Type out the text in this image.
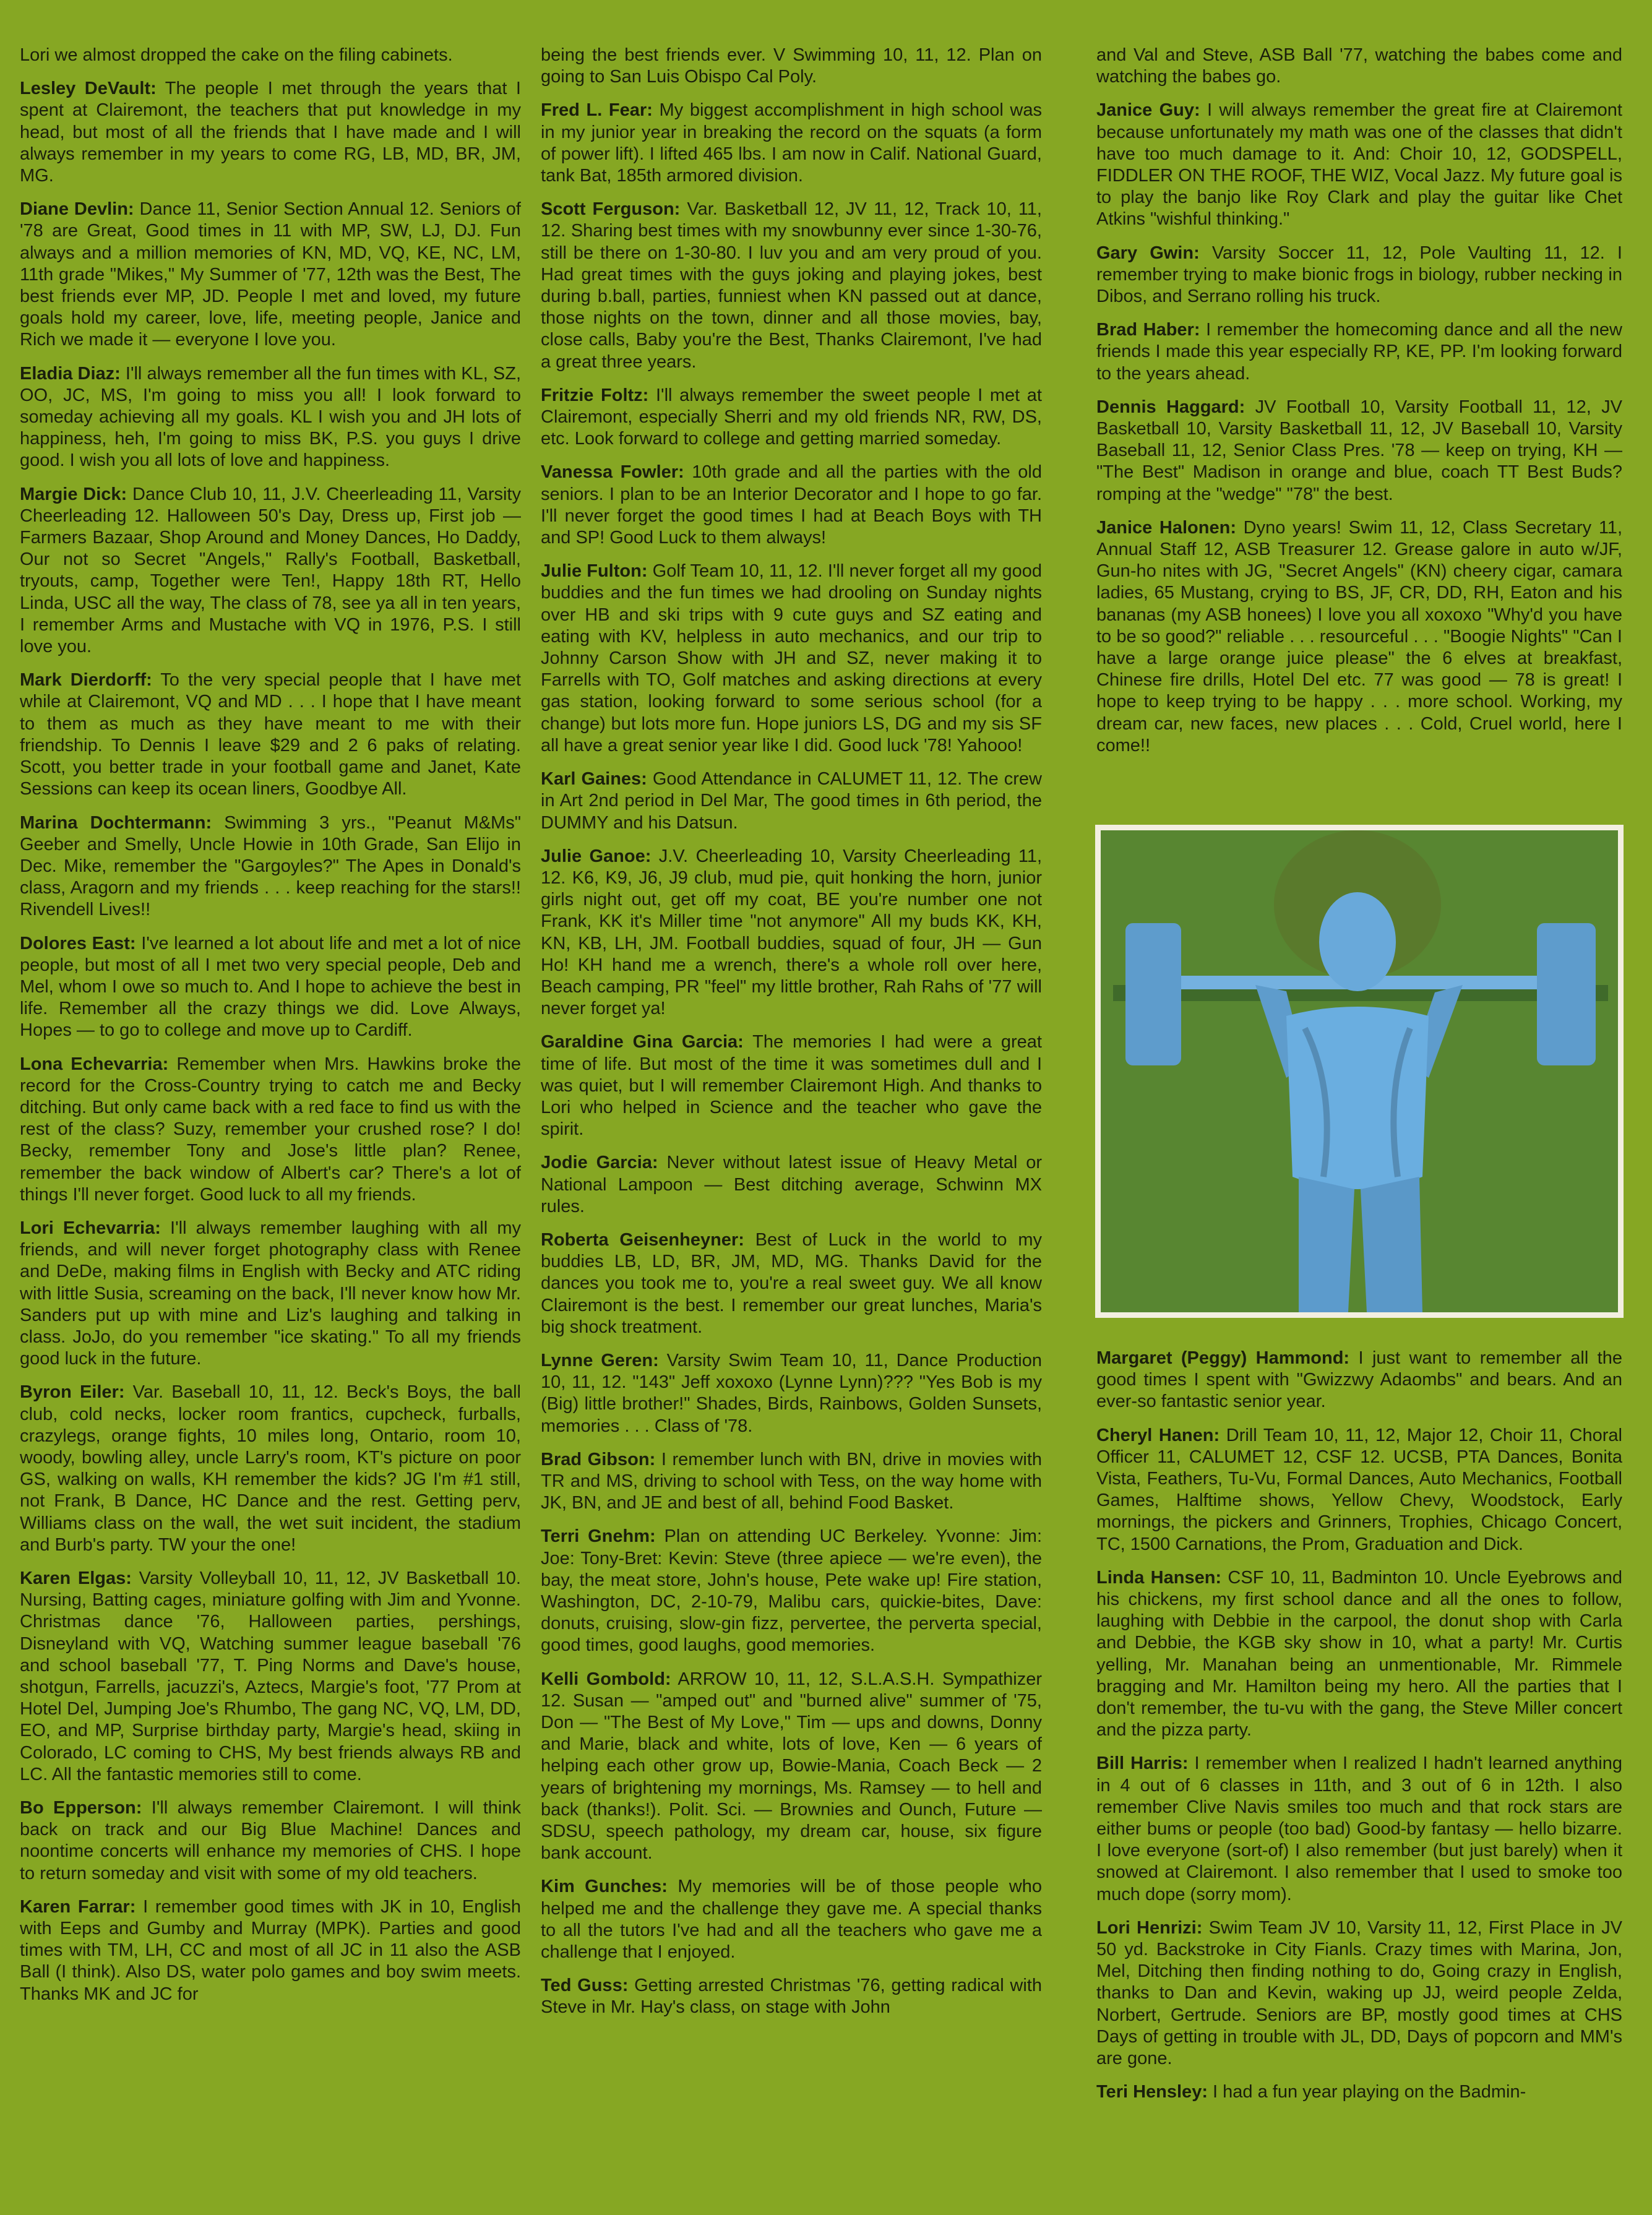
Lori we almost dropped the cake on the filing cabinets.

Lesley DeVault: The people I met through the years that I spent at Clairemont, the teachers that put knowledge in my head, but most of all the friends that I have made and I will always remember in my years to come RG, LB, MD, BR, JM, MG.

Diane Devlin: Dance 11, Senior Section Annual 12. Seniors of '78 are Great, Good times in 11 with MP, SW, LJ, DJ. Fun always and a million memories of KN, MD, VQ, KE, NC, LM, 11th grade "Mikes," My Summer of '77, 12th was the Best, The best friends ever MP, JD. People I met and loved, my future goals hold my career, love, life, meeting people, Janice and Rich we made it — everyone I love you.

Eladia Diaz: I'll always remember all the fun times with KL, SZ, OO, JC, MS, I'm going to miss you all! I look forward to someday achieving all my goals. KL I wish you and JH lots of happiness, heh, I'm going to miss BK, P.S. you guys I drive good. I wish you all lots of love and happiness.

Margie Dick: Dance Club 10, 11, J.V. Cheerleading 11, Varsity Cheerleading 12. Halloween 50's Day, Dress up, First job — Farmers Bazaar, Shop Around and Money Dances, Ho Daddy, Our not so Secret "Angels," Rally's Football, Basketball, tryouts, camp, Together were Ten!, Happy 18th RT, Hello Linda, USC all the way, The class of 78, see ya all in ten years, I remember Arms and Mustache with VQ in 1976, P.S. I still love you.

Mark Dierdorff: To the very special people that I have met while at Clairemont, VQ and MD . . . I hope that I have meant to them as much as they have meant to me with their friendship. To Dennis I leave $29 and 2 6 paks of relating. Scott, you better trade in your football game and Janet, Kate Sessions can keep its ocean liners, Goodbye All.

Marina Dochtermann: Swimming 3 yrs., "Peanut M&Ms" Geeber and Smelly, Uncle Howie in 10th Grade, San Elijo in Dec. Mike, remember the "Gargoyles?" The Apes in Donald's class, Aragorn and my friends . . . keep reaching for the stars!! Rivendell Lives!!

Dolores East: I've learned a lot about life and met a lot of nice people, but most of all I met two very special people, Deb and Mel, whom I owe so much to. And I hope to achieve the best in life. Remember all the crazy things we did. Love Always, Hopes — to go to college and move up to Cardiff.

Lona Echevarria: Remember when Mrs. Hawkins broke the record for the Cross-Country trying to catch me and Becky ditching. But only came back with a red face to find us with the rest of the class? Suzy, remember your crushed rose? I do! Becky, remember Tony and Jose's little plan? Renee, remember the back window of Albert's car? There's a lot of things I'll never forget. Good luck to all my friends.

Lori Echevarria: I'll always remember laughing with all my friends, and will never forget photography class with Renee and DeDe, making films in English with Becky and ATC riding with little Susia, screaming on the back, I'll never know how Mr. Sanders put up with mine and Liz's laughing and talking in class. JoJo, do you remember "ice skating." To all my friends good luck in the future.

Byron Eiler: Var. Baseball 10, 11, 12. Beck's Boys, the ball club, cold necks, locker room frantics, cupcheck, furballs, crazylegs, orange fights, 10 miles long, Ontario, room 10, woody, bowling alley, uncle Larry's room, KT's picture on poor GS, walking on walls, KH remember the kids? JG I'm #1 still, not Frank, B Dance, HC Dance and the rest. Getting perv, Williams class on the wall, the wet suit incident, the stadium and Burb's party. TW your the one!

Karen Elgas: Varsity Volleyball 10, 11, 12, JV Basketball 10. Nursing, Batting cages, miniature golfing with Jim and Yvonne. Christmas dance '76, Halloween parties, pershings, Disneyland with VQ, Watching summer league baseball '76 and school baseball '77, T. Ping Norms and Dave's house, shotgun, Farrells, jacuzzi's, Aztecs, Margie's foot, '77 Prom at Hotel Del, Jumping Joe's Rhumbo, The gang NC, VQ, LM, DD, EO, and MP, Surprise birthday party, Margie's head, skiing in Colorado, LC coming to CHS, My best friends always RB and LC. All the fantastic memories still to come.

Bo Epperson: I'll always remember Clairemont. I will think back on track and our Big Blue Machine! Dances and noontime concerts will enhance my memories of CHS. I hope to return someday and visit with some of my old teachers.

Karen Farrar: I remember good times with JK in 10, English with Eeps and Gumby and Murray (MPK). Parties and good times with TM, LH, CC and most of all JC in 11 also the ASB Ball (I think). Also DS, water polo games and boy swim meets. Thanks MK and JC for

being the best friends ever. V Swimming 10, 11, 12. Plan on going to San Luis Obispo Cal Poly.

Fred L. Fear: My biggest accomplishment in high school was in my junior year in breaking the record on the squats (a form of power lift). I lifted 465 lbs. I am now in Calif. National Guard, tank Bat, 185th armored division.

Scott Ferguson: Var. Basketball 12, JV 11, 12, Track 10, 11, 12. Sharing best times with my snowbunny ever since 1-30-76, still be there on 1-30-80. I luv you and am very proud of you. Had great times with the guys joking and playing jokes, best during b.ball, parties, funniest when KN passed out at dance, those nights on the town, dinner and all those movies, bay, close calls, Baby you're the Best, Thanks Clairemont, I've had a great three years.

Fritzie Foltz: I'll always remember the sweet people I met at Clairemont, especially Sherri and my old friends NR, RW, DS, etc. Look forward to college and getting married someday.

Vanessa Fowler: 10th grade and all the parties with the old seniors. I plan to be an Interior Decorator and I hope to go far. I'll never forget the good times I had at Beach Boys with TH and SP! Good Luck to them always!

Julie Fulton: Golf Team 10, 11, 12. I'll never forget all my good buddies and the fun times we had drooling on Sunday nights over HB and ski trips with 9 cute guys and SZ eating and eating with KV, helpless in auto mechanics, and our trip to Johnny Carson Show with JH and SZ, never making it to Farrells with TO, Golf matches and asking directions at every gas station, looking forward to some serious school (for a change) but lots more fun. Hope juniors LS, DG and my sis SF all have a great senior year like I did. Good luck '78! Yahooo!

Karl Gaines: Good Attendance in CALUMET 11, 12. The crew in Art 2nd period in Del Mar, The good times in 6th period, the DUMMY and his Datsun.

Julie Ganoe: J.V. Cheerleading 10, Varsity Cheerleading 11, 12. K6, K9, J6, J9 club, mud pie, quit honking the horn, junior girls night out, get off my coat, BE you're number one not Frank, KK it's Miller time "not anymore" All my buds KK, KH, KN, KB, LH, JM. Football buddies, squad of four, JH — Gun Ho! KH hand me a wrench, there's a whole roll over here, Beach camping, PR "feel" my little brother, Rah Rahs of '77 will never forget ya!

Garaldine Gina Garcia: The memories I had were a great time of life. But most of the time it was sometimes dull and I was quiet, but I will remember Clairemont High. And thanks to Lori who helped in Science and the teacher who gave the spirit.

Jodie Garcia: Never without latest issue of Heavy Metal or National Lampoon — Best ditching average, Schwinn MX rules.

Roberta Geisenheyner: Best of Luck in the world to my buddies LB, LD, BR, JM, MD, MG. Thanks David for the dances you took me to, you're a real sweet guy. We all know Clairemont is the best. I remember our great lunches, Maria's big shock treatment.

Lynne Geren: Varsity Swim Team 10, 11, Dance Production 10, 11, 12. "143" Jeff xoxoxo (Lynne Lynn)??? "Yes Bob is my (Big) little brother!" Shades, Birds, Rainbows, Golden Sunsets, memories . . . Class of '78.

Brad Gibson: I remember lunch with BN, drive in movies with TR and MS, driving to school with Tess, on the way home with JK, BN, and JE and best of all, behind Food Basket.

Terri Gnehm: Plan on attending UC Berkeley. Yvonne: Jim: Joe: Tony-Bret: Kevin: Steve (three apiece — we're even), the bay, the meat store, John's house, Pete wake up! Fire station, Washington, DC, 2-10-79, Malibu cars, quickie-bites, Dave: donuts, cruising, slow-gin fizz, pervertee, the perverta special, good times, good laughs, good memories.

Kelli Gombold: ARROW 10, 11, 12, S.L.A.S.H. Sympathizer 12. Susan — "amped out" and "burned alive" summer of '75, Don — "The Best of My Love," Tim — ups and downs, Donny and Marie, black and white, lots of love, Ken — 6 years of helping each other grow up, Bowie-Mania, Coach Beck — 2 years of brightening my mornings, Ms. Ramsey — to hell and back (thanks!). Polit. Sci. — Brownies and Ounch, Future — SDSU, speech pathology, my dream car, house, six figure bank account.

Kim Gunches: My memories will be of those people who helped me and the challenge they gave me. A special thanks to all the tutors I've had and all the teachers who gave me a challenge that I enjoyed.

Ted Guss: Getting arrested Christmas '76, getting radical with Steve in Mr. Hay's class, on stage with John

and Val and Steve, ASB Ball '77, watching the babes come and watching the babes go.

Janice Guy: I will always remember the great fire at Clairemont because unfortunately my math was one of the classes that didn't have too much damage to it. And: Choir 10, 12, GODSPELL, FIDDLER ON THE ROOF, THE WIZ, Vocal Jazz. My future goal is to play the banjo like Roy Clark and play the guitar like Chet Atkins "wishful thinking."

Gary Gwin: Varsity Soccer 11, 12, Pole Vaulting 11, 12. I remember trying to make bionic frogs in biology, rubber necking in Dibos, and Serrano rolling his truck.

Brad Haber: I remember the homecoming dance and all the new friends I made this year especially RP, KE, PP. I'm looking forward to the years ahead.

Dennis Haggard: JV Football 10, Varsity Football 11, 12, JV Basketball 10, Varsity Basketball 11, 12, JV Baseball 10, Varsity Baseball 11, 12, Senior Class Pres. '78 — keep on trying, KH — "The Best" Madison in orange and blue, coach TT Best Buds? romping at the "wedge" "78" the best.

Janice Halonen: Dyno years! Swim 11, 12, Class Secretary 11, Annual Staff 12, ASB Treasurer 12. Grease galore in auto w/JF, Gun-ho nites with JG, "Secret Angels" (KN) cheery cigar, camara ladies, 65 Mustang, crying to BS, JF, CR, DD, RH, Eaton and his bananas (my ASB honees) I love you all xoxoxo "Why'd you have to be so good?" reliable . . . resourceful . . . "Boogie Nights" "Can I have a large orange juice please" the 6 elves at breakfast, Chinese fire drills, Hotel Del etc. 77 was good — 78 is great! I hope to keep trying to be happy . . . more school. Working, my dream car, new faces, new places . . . Cold, Cruel world, here I come!!

Margaret (Peggy) Hammond: I just want to remember all the good times I spent with "Gwizzwy Adaombs" and bears. And an ever-so fantastic senior year.

Cheryl Hanen: Drill Team 10, 11, 12, Major 12, Choir 11, Choral Officer 11, CALUMET 12, CSF 12. UCSB, PTA Dances, Bonita Vista, Feathers, Tu-Vu, Formal Dances, Auto Mechanics, Football Games, Halftime shows, Yellow Chevy, Woodstock, Early mornings, the pickers and Grinners, Trophies, Chicago Concert, TC, 1500 Carnations, the Prom, Graduation and Dick.

Linda Hansen: CSF 10, 11, Badminton 10. Uncle Eyebrows and his chickens, my first school dance and all the ones to follow, laughing with Debbie in the carpool, the donut shop with Carla and Debbie, the KGB sky show in 10, what a party! Mr. Curtis yelling, Mr. Manahan being an unmentionable, Mr. Rimmele bragging and Mr. Hamilton being my hero. All the parties that I don't remember, the tu-vu with the gang, the Steve Miller concert and the pizza party.

Bill Harris: I remember when I realized I hadn't learned anything in 4 out of 6 classes in 11th, and 3 out of 6 in 12th. I also remember Clive Navis smiles too much and that rock stars are either bums or people (too bad) Good-by fantasy — hello bizarre. I love everyone (sort-of) I also remember (but just barely) when it snowed at Clairemont. I also remember that I used to smoke too much dope (sorry mom).

Lori Henrizi: Swim Team JV 10, Varsity 11, 12, First Place in JV 50 yd. Backstroke in City Fianls. Crazy times with Marina, Jon, Mel, Ditching then finding nothing to do, Going crazy in English, thanks to Dan and Kevin, waking up JJ, weird people Zelda, Norbert, Gertrude. Seniors are BP, mostly good times at CHS Days of getting in trouble with JL, DD, Days of popcorn and MM's are gone.

Teri Hensley: I had a fun year playing on the Badmin-
